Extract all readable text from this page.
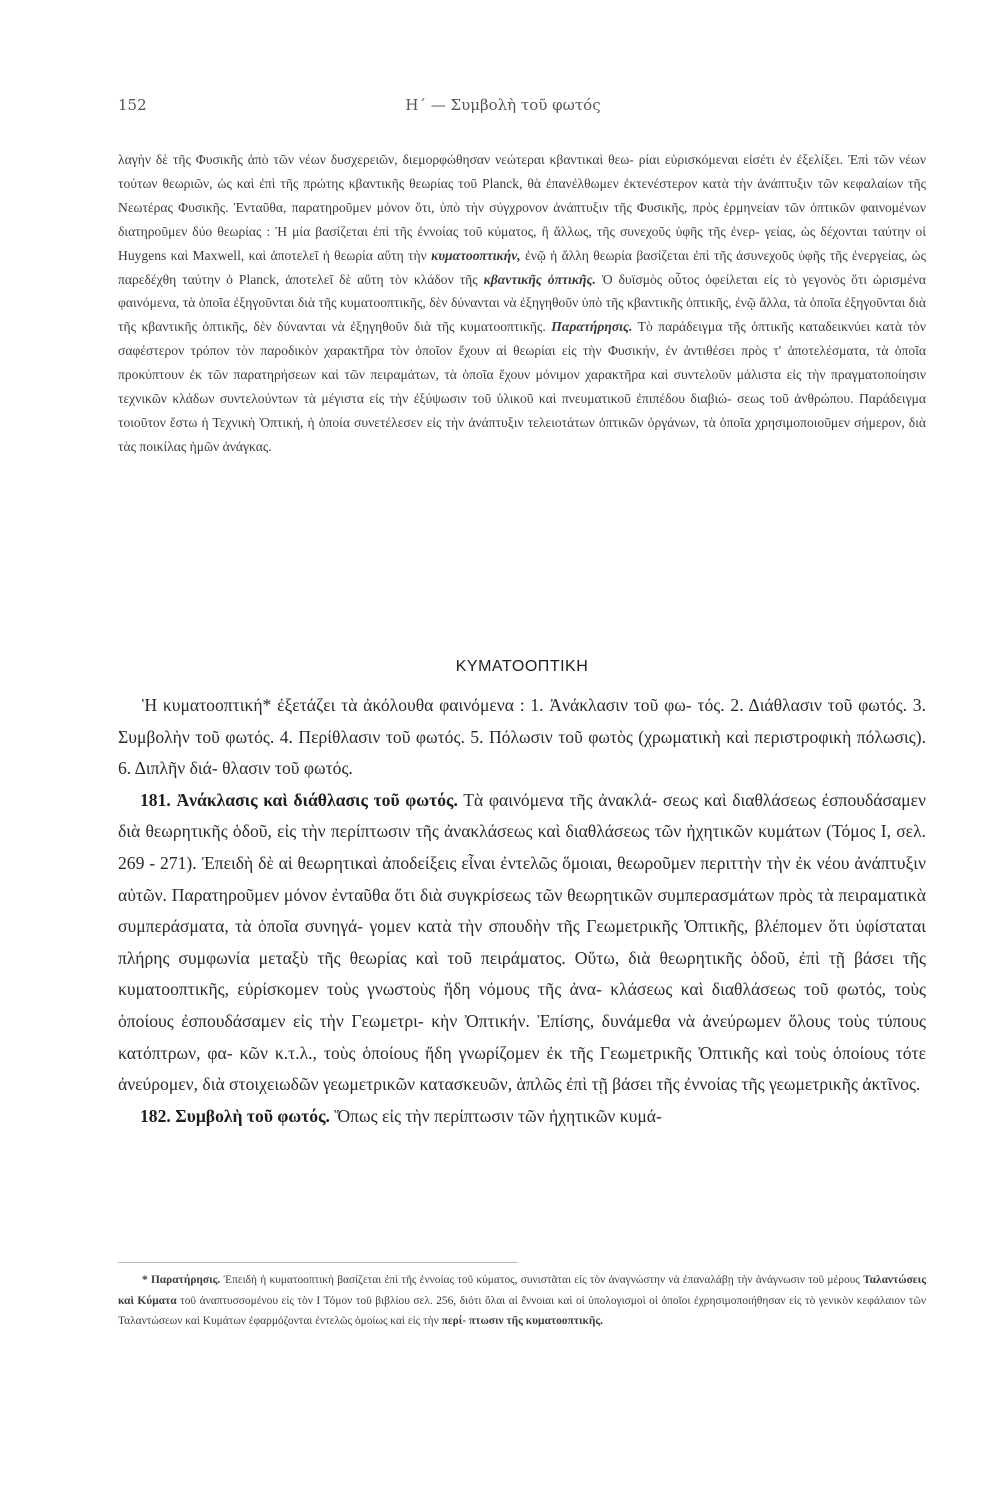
152	Η΄ — Συμβολὴ τοῦ φωτός

λαγὴν δὲ τῆς Φυσικῆς ἀπὸ τῶν νέων δυσχερειῶν, διεμορφώθησαν νεώτεραι κβαντικαὶ θεω- ρίαι εὑρισκόμεναι εἰσέτι ἐν ἐξελίξει. Ἐπὶ τῶν νέων τούτων θεωριῶν, ὡς καὶ ἐπὶ τῆς πρώτης κβαντικῆς θεωρίας τοῦ Planck, θὰ ἐπανέλθωμεν ἐκτενέστερον κατὰ τὴν ἀνάπτυξιν τῶν κεφαλαίων τῆς Νεωτέρας Φυσικῆς. Ἐνταῦθα, παρατηροῦμεν μόνον ὅτι, ὑπὸ τὴν σύγχρονον ἀνάπτυξιν τῆς Φυσικῆς, πρὸς ἑρμηνείαν τῶν ὀπτικῶν φαινομένων διατηροῦμεν δύο θεωρίας : Ἡ μία βασίζεται ἐπὶ τῆς ἐννοίας τοῦ κύματος, ἢ ἄλλως, τῆς συνεχοῦς ὑφῆς τῆς ἐνερ- γείας, ὡς δέχονται ταύτην οἱ Huygens καὶ Maxwell, καὶ ἀποτελεῖ ἡ θεωρία αὕτη τὴν κυματοοπτικήν, ἐνῷ ἡ ἄλλη θεωρία βασίζεται ἐπὶ τῆς ἀσυνεχοῦς ὑφῆς τῆς ἐνεργείας, ὡς παρεδέχθη ταύτην ὁ Planck, ἀποτελεῖ δὲ αὕτη τὸν κλάδον τῆς κβαντικῆς ὀπτικῆς. Ὁ δυϊσμὸς οὗτος ὀφείλεται εἰς τὸ γεγονὸς ὅτι ὡρισμένα φαινόμενα, τὰ ὁποῖα ἐξηγοῦνται διὰ τῆς κυματοοπτικῆς, δὲν δύνανται νὰ ἐξηγηθοῦν ὑπὸ τῆς κβαντικῆς ὀπτικῆς, ἐνῷ ἄλλα, τὰ ὁποῖα ἐξηγοῦνται διὰ τῆς κβαντικῆς ὀπτικῆς, δὲν δύνανται νὰ ἐξηγηθοῦν διὰ τῆς κυματοοπτικῆς. Παρατήρησις. Τὸ παράδειγμα τῆς ὀπτικῆς καταδεικνύει κατὰ τὸν σαφέστερον τρόπον τὸν παροδικὸν χαρακτῆρα τὸν ὁποῖον ἔχουν αἱ θεωρίαι εἰς τὴν Φυσικήν, ἐν ἀντιθέσει πρὸς τ' ἀποτελέσματα, τὰ ὁποῖα προκύπτουν ἐκ τῶν παρατηρήσεων καὶ τῶν πειραμάτων, τὰ ὁποῖα ἔχουν μόνιμον χαρακτῆρα καὶ συντελοῦν μάλιστα εἰς τὴν πραγματοποίησιν τεχνικῶν κλάδων συντελούντων τὰ μέγιστα εἰς τὴν ἐξύψωσιν τοῦ ὑλικοῦ καὶ πνευματικοῦ ἐπιπέδου διαβιώ- σεως τοῦ ἀνθρώπου. Παράδειγμα τοιοῦτον ἔστω ἡ Τεχνικὴ Ὀπτική, ἡ ὁποία συνετέλεσεν εἰς τὴν ἀνάπτυξιν τελειοτάτων ὀπτικῶν ὀργάνων, τὰ ὁποῖα χρησιμοποιοῦμεν σήμερον, διὰ τὰς ποικίλας ἡμῶν ἀνάγκας.

ΚΥΜΑΤΟΟΠΤΙΚΗ

Ἡ κυματοοπτική* ἐξετάζει τὰ ἀκόλουθα φαινόμενα : 1. Ἀνάκλασιν τοῦ φω- τός. 2. Διάθλασιν τοῦ φωτός. 3. Συμβολὴν τοῦ φωτός. 4. Περίθλασιν τοῦ φωτός. 5. Πόλωσιν τοῦ φωτὸς (χρωματικὴ καὶ περιστροφικὴ πόλωσις). 6. Διπλῆν διά- θλασιν τοῦ φωτός.

181. Ἀνάκλασις καὶ διάθλασις τοῦ φωτός. Τὰ φαινόμενα τῆς ἀνακλά- σεως καὶ διαθλάσεως ἐσπουδάσαμεν διὰ θεωρητικῆς ὁδοῦ, εἰς τὴν περίπτωσιν τῆς ἀνακλάσεως καὶ διαθλάσεως τῶν ἠχητικῶν κυμάτων (Τόμος Ι, σελ. 269 - 271). Ἐπειδὴ δὲ αἱ θεωρητικαὶ ἀποδείξεις εἶναι ἐντελῶς ὅμοιαι, θεωροῦμεν περιττὴν τὴν ἐκ νέου ἀνάπτυξιν αὐτῶν. Παρατηροῦμεν μόνον ἐνταῦθα ὅτι διὰ συγκρίσεως τῶν θεωρητικῶν συμπερασμάτων πρὸς τὰ πειραματικὰ συμπεράσματα, τὰ ὁποῖα συνηγά- γομεν κατὰ τὴν σπουδὴν τῆς Γεωμετρικῆς Ὀπτικῆς, βλέπομεν ὅτι ὑφίσταται πλήρης συμφωνία μεταξὺ τῆς θεωρίας καὶ τοῦ πειράματος. Οὕτω, διὰ θεωρητικῆς ὁδοῦ, ἐπὶ τῇ βάσει τῆς κυματοοπτικῆς, εὑρίσκομεν τοὺς γνωστοὺς ἤδη νόμους τῆς ἀνα- κλάσεως καὶ διαθλάσεως τοῦ φωτός, τοὺς ὁποίους ἐσπουδάσαμεν εἰς τὴν Γεωμετρι- κὴν Ὀπτικήν. Ἐπίσης, δυνάμεθα νὰ ἀνεύρωμεν ὅλους τοὺς τύπους κατόπτρων, φα- κῶν κ.τ.λ., τοὺς ὁποίους ἤδη γνωρίζομεν ἐκ τῆς Γεωμετρικῆς Ὀπτικῆς καὶ τοὺς ὁποίους τότε ἀνεύρομεν, διὰ στοιχειωδῶν γεωμετρικῶν κατασκευῶν, ἁπλῶς ἐπὶ τῇ βάσει τῆς ἐννοίας τῆς γεωμετρικῆς ἀκτῖνος.

182. Συμβολὴ τοῦ φωτός. Ὅπως εἰς τὴν περίπτωσιν τῶν ἠχητικῶν κυμά-

* Παρατήρησις. Ἐπειδὴ ἡ κυματοοπτικὴ βασίζεται ἐπὶ τῆς ἐννοίας τοῦ κύματος, συνιστᾶται εἰς τὸν ἀναγνώστην νὰ ἐπαναλάβῃ τὴν ἀνάγνωσιν τοῦ μέρους Ταλαντώσεις καὶ Κύματα τοῦ ἀναπτυσσομένου εἰς τὸν Ι Τόμον τοῦ βιβλίου σελ. 256, διότι ὅλαι αἱ ἔννοιαι καὶ οἱ ὑπολογισμοὶ οἱ ὁποῖοι ἐχρησιμοποιήθησαν εἰς τὸ γενικὸν κεφάλαιον τῶν Ταλαντώσεων καὶ Κυμάτων ἐφαρμόζονται ἐντελῶς ὁμοίως καὶ εἰς τὴν περί- πτωσιν τῆς κυματοοπτικῆς.
